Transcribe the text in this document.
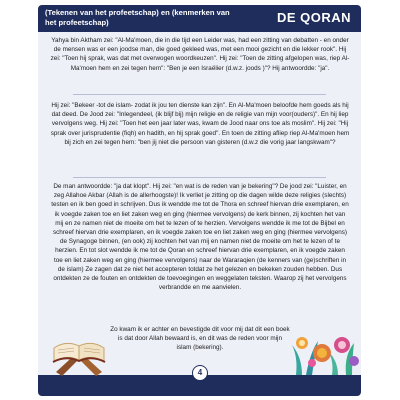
(Tekenen van het profeetschap) en (kenmerken van het profeetschap)	DE QORAN

Yahya bin Aktham zei: "Al-Ma'moen, die in die tijd een Leider was, had een zitting van debatten - en onder de mensen was er een joodse man, die goed gekleed was, met een mooi gezicht en die lekker rook". Hij zei: "Toen hij sprak, was dat met overwogen woordkeuzen". Hij zei: "Toen de zitting afgelopen was, riep Al-Ma'moen hem en zei tegen hem": "Ben je een Israëlier (d.w.z. joods )"? Hij antwoordde: "ja".

Hij zei: "Bekeer -tot de islam- zodat ik jou ten dienste kan zijn". En Al-Ma'moen beloofde hem goeds als hij dat deed. De Jood zei: "Inlegendeel, (ik blijf bij) mijn religie en de religie van mijn voor(ouders)". En hij liep vervolgens weg. Hij zei: "Toen het een jaar later was, kwam de Jood naar ons toe als moslim". Hij zei: "Hij sprak over jurisprudentie (fiqh) en hadith, en hij sprak goed". En toen de zitting afliep riep Al-Ma'moen hem bij zich en zei tegen hem: "ben jij niet die persoon van gisteren (d.w.z die vorig jaar langskwam"?

De man antwoordde: "ja dat klopt". Hij zei: "en wat is de reden van je bekering"? De jood zei: "Luister, en zeg Allahoe Akbar (Allah is de allerhoogste)! Ik verliet je zitting op die dagen wilde deze religies (slechts) testen en ik ben goed in schrijven. Dus ik wendde me tot de Thora en schreef hiervan drie exemplaren, en ik voegde zaken toe en liet zaken weg en ging (hiermee vervolgens) de kerk binnen, zij kochten het van mij en ze namen niet de moeite om het te lezen of te herzien. Vervolgens wendde ik me tot de Bijbel en schreef hiervan drie exemplaren, en ik voegde zaken toe en liet zaken weg en ging (hiermee vervolgens) de Synagoge binnen, (en ook) zij kochten het van mij en namen niet de moeite om het te lezen of te herzien. En tot slot wendde ik me tot de Qoran en schreef hiervan drie exemplaren, en ik voegde zaken toe en liet zaken weg en ging (hiermee vervolgens) naar de Wararaqien (de kenners van (ge)schriften in de islam) Ze zagen dat ze niet het accepteren totdat ze het gelezen en bekeken zouden hebben. Dus ontdekten ze de fouten en ontdekten de toevoegingen en weggelaten teksten. Waarop zij het vervolgens verbrandde en me aanvielen.

Zo kwam ik er achter en bevestigde dit voor mij dat dit een boek is dat door Allah bewaard is, en dit was de reden voor mijn islam (bekering).

4
